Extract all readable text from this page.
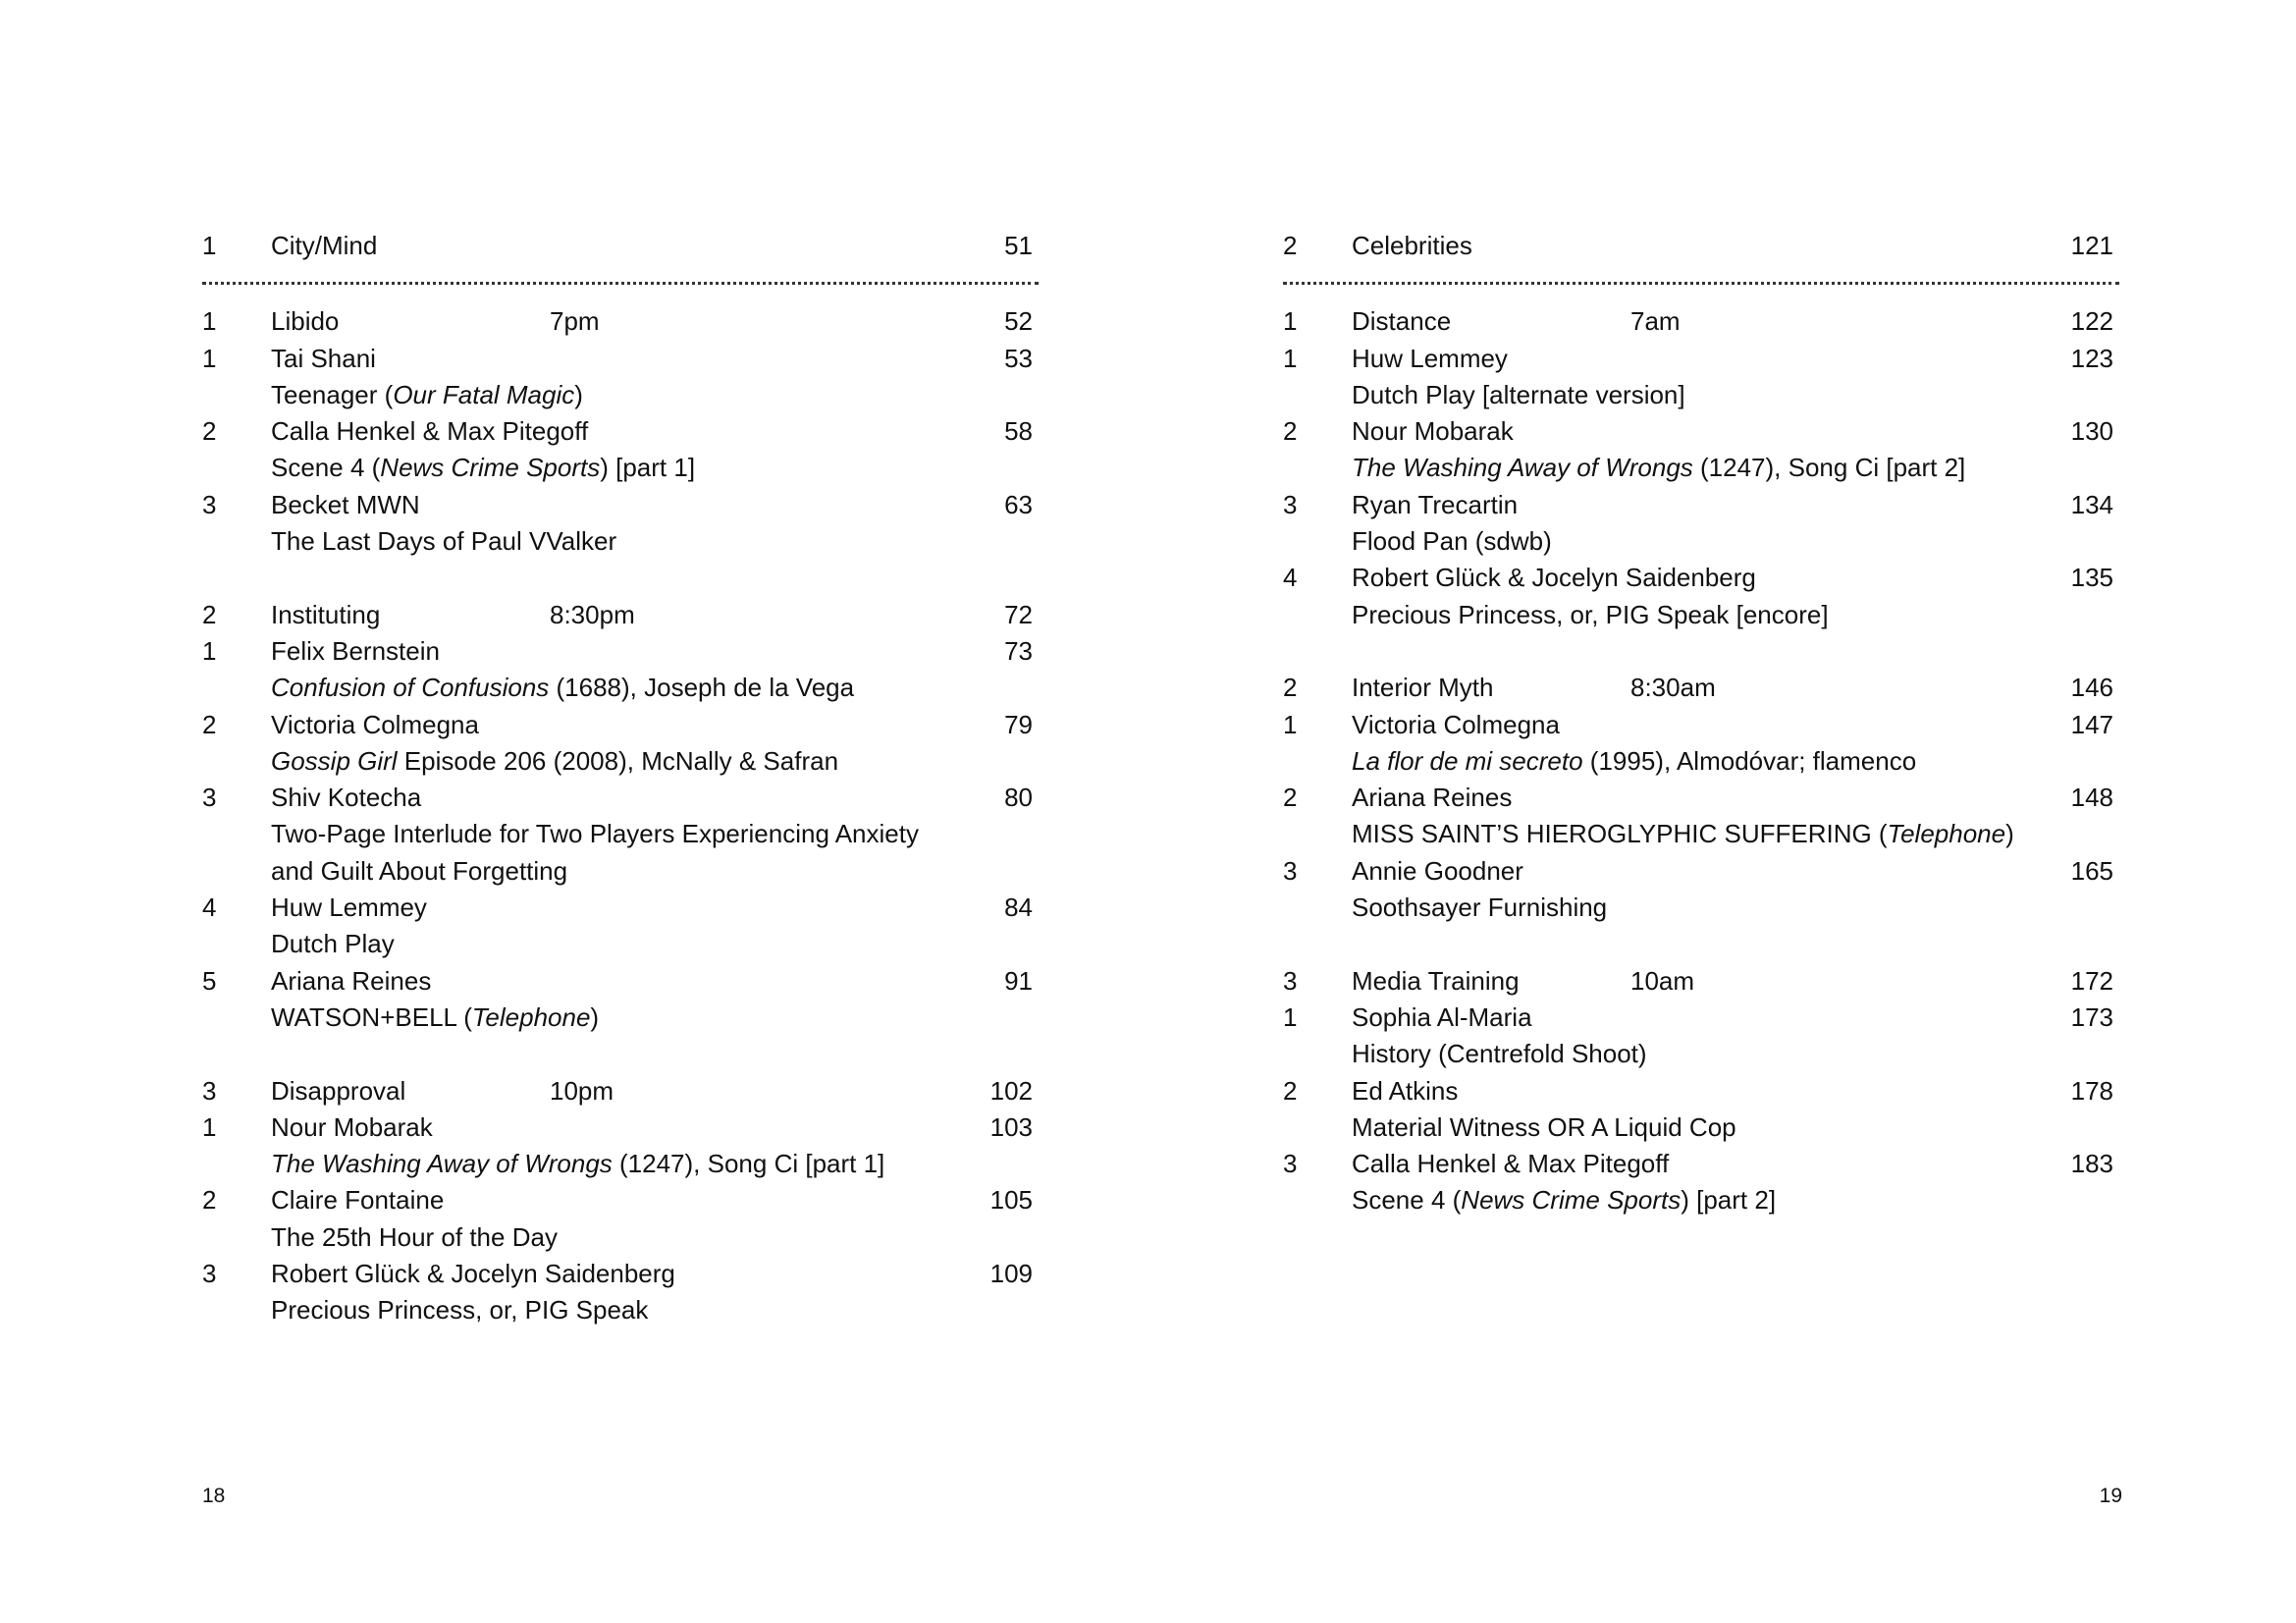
1 City/Mind	51
1 Libido	7pm	52
1 Tai Shani	53
Teenager (Our Fatal Magic)
2 Calla Henkel & Max Pitegoff	58
Scene 4 (News Crime Sports) [part 1]
3 Becket MWN	63
The Last Days of Paul VValker
2 Instituting	8:30pm	72
1 Felix Bernstein	73
Confusion of Confusions (1688), Joseph de la Vega
2 Victoria Colmegna	79
Gossip Girl Episode 206 (2008), McNally & Safran
3 Shiv Kotecha	80
Two-Page Interlude for Two Players Experiencing Anxiety
and Guilt About Forgetting
4 Huw Lemmey	84
Dutch Play
5 Ariana Reines	91
WATSON+BELL (Telephone)
3 Disapproval	10pm	102
1 Nour Mobarak	103
The Washing Away of Wrongs (1247), Song Ci [part 1]
2 Claire Fontaine	105
The 25th Hour of the Day
3 Robert Glück & Jocelyn Saidenberg	109
Precious Princess, or, PIG Speak
18
2 Celebrities	121
1 Distance	7am	122
1 Huw Lemmey	123
Dutch Play [alternate version]
2 Nour Mobarak	130
The Washing Away of Wrongs (1247), Song Ci [part 2]
3 Ryan Trecartin	134
Flood Pan (sdwb)
4 Robert Glück & Jocelyn Saidenberg	135
Precious Princess, or, PIG Speak [encore]
2 Interior Myth	8:30am	146
1 Victoria Colmegna	147
La flor de mi secreto (1995), Almodóvar; flamenco
2 Ariana Reines	148
MISS SAINT’S HIEROGLYPHIC SUFFERING (Telephone)
3 Annie Goodner	165
Soothsayer Furnishing
3 Media Training	10am	172
1 Sophia Al-Maria	173
History (Centrefold Shoot)
2 Ed Atkins	178
Material Witness OR A Liquid Cop
3 Calla Henkel & Max Pitegoff	183
Scene 4 (News Crime Sports) [part 2]
19
